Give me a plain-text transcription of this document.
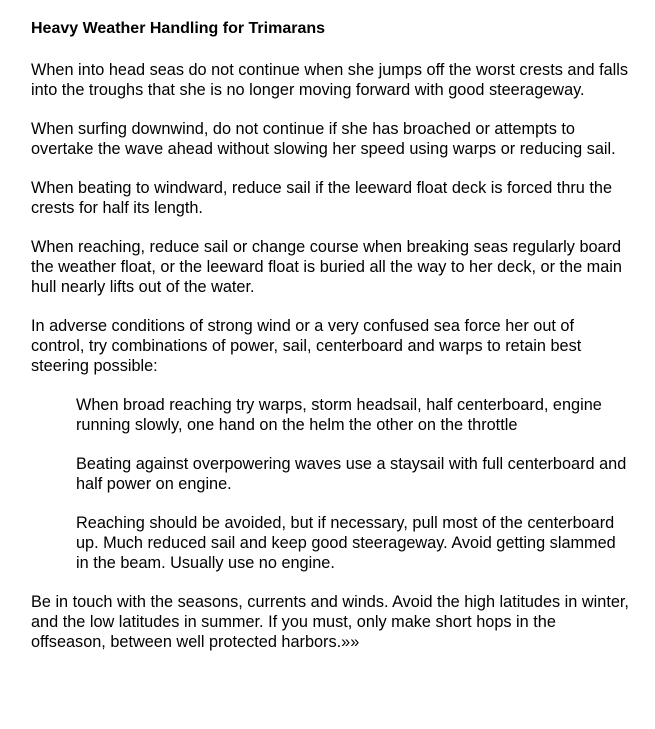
Heavy Weather Handling for Trimarans
When into head seas do not continue when she jumps off the worst crests and falls into the troughs that she is no longer moving forward with good steerageway.
When surfing downwind, do not continue if she has broached or attempts to overtake the wave ahead without slowing her speed using warps or reducing sail.
When beating to windward, reduce sail if the leeward float deck is forced thru the crests for half its length.
When reaching, reduce sail or change course when breaking seas regularly board the weather float, or the leeward float is buried all the way to her deck, or the main hull nearly lifts out of the water.
In adverse conditions of strong wind or a very confused sea force her out of control, try combinations of power, sail, centerboard and warps to retain best steering possible:
When broad reaching try warps, storm headsail, half centerboard, engine running slowly, one hand on the helm the other on the throttle
Beating against overpowering waves use a staysail with full centerboard and half power on engine.
Reaching should be avoided, but if necessary, pull most of the centerboard up. Much reduced sail and keep good steerageway. Avoid getting slammed in the beam. Usually use no engine.
Be in touch with the seasons, currents and winds. Avoid the high latitudes in winter, and the low latitudes in summer. If you must, only make short hops in the offseason, between well protected harbors.»»
